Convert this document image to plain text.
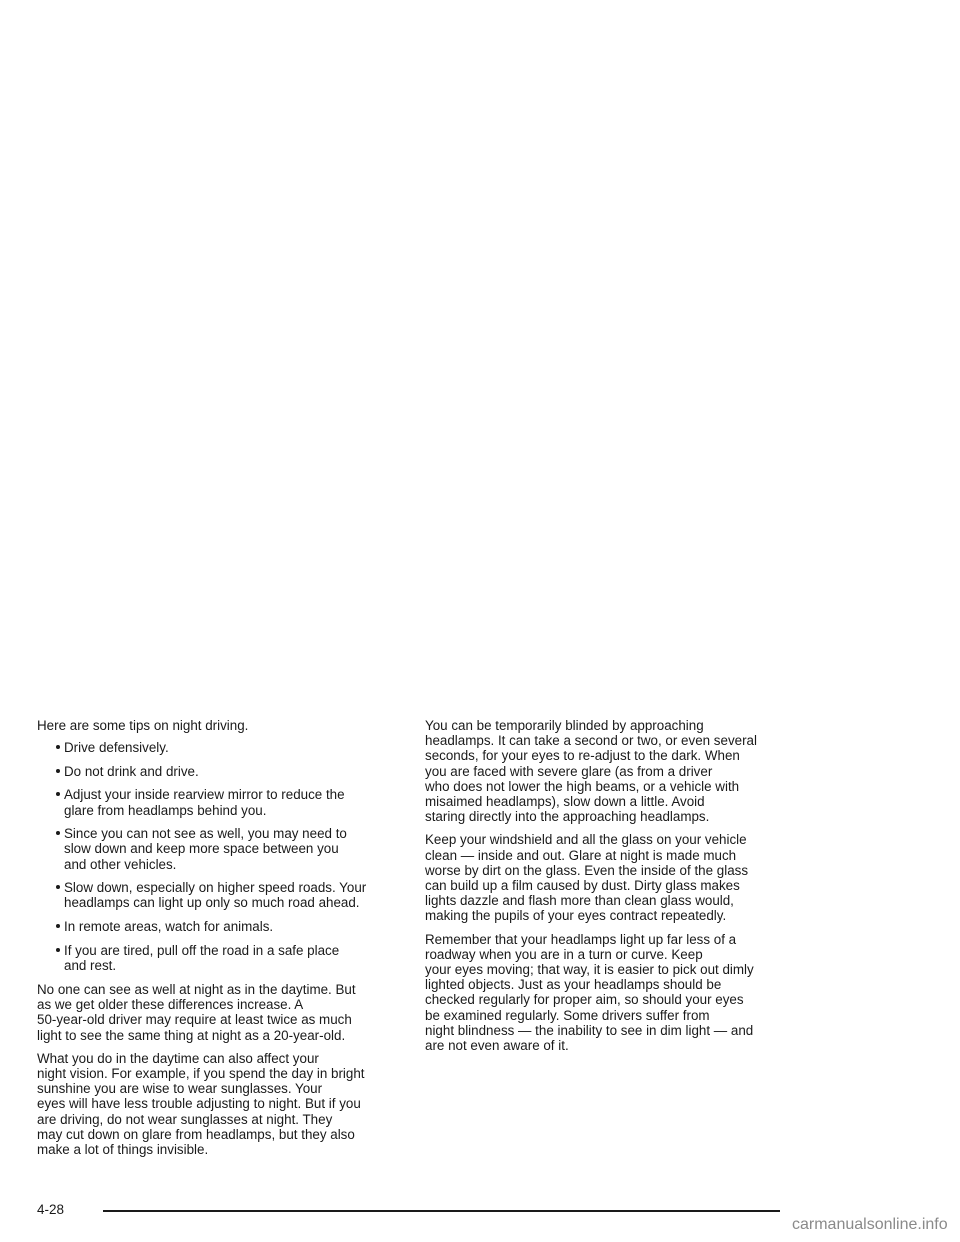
Here are some tips on night driving.

Drive defensively.
Do not drink and drive.
Adjust your inside rearview mirror to reduce the
glare from headlamps behind you.
Since you can not see as well, you may need to
slow down and keep more space between you
and other vehicles.
Slow down, especially on higher speed roads. Your
headlamps can light up only so much road ahead.
In remote areas, watch for animals.
If you are tired, pull off the road in a safe place
and rest.

No one can see as well at night as in the daytime. But
as we get older these differences increase. A
50-year-old driver may require at least twice as much
light to see the same thing at night as a 20-year-old.

What you do in the daytime can also affect your
night vision. For example, if you spend the day in bright
sunshine you are wise to wear sunglasses. Your
eyes will have less trouble adjusting to night. But if you
are driving, do not wear sunglasses at night. They
may cut down on glare from headlamps, but they also
make a lot of things invisible.

You can be temporarily blinded by approaching
headlamps. It can take a second or two, or even several
seconds, for your eyes to re-adjust to the dark. When
you are faced with severe glare (as from a driver
who does not lower the high beams, or a vehicle with
misaimed headlamps), slow down a little. Avoid
staring directly into the approaching headlamps.

Keep your windshield and all the glass on your vehicle
clean — inside and out. Glare at night is made much
worse by dirt on the glass. Even the inside of the glass
can build up a film caused by dust. Dirty glass makes
lights dazzle and flash more than clean glass would,
making the pupils of your eyes contract repeatedly.

Remember that your headlamps light up far less of a
roadway when you are in a turn or curve. Keep
your eyes moving; that way, it is easier to pick out dimly
lighted objects. Just as your headlamps should be
checked regularly for proper aim, so should your eyes
be examined regularly. Some drivers suffer from
night blindness — the inability to see in dim light — and
are not even aware of it.

4-28
carmanualsonline.info
